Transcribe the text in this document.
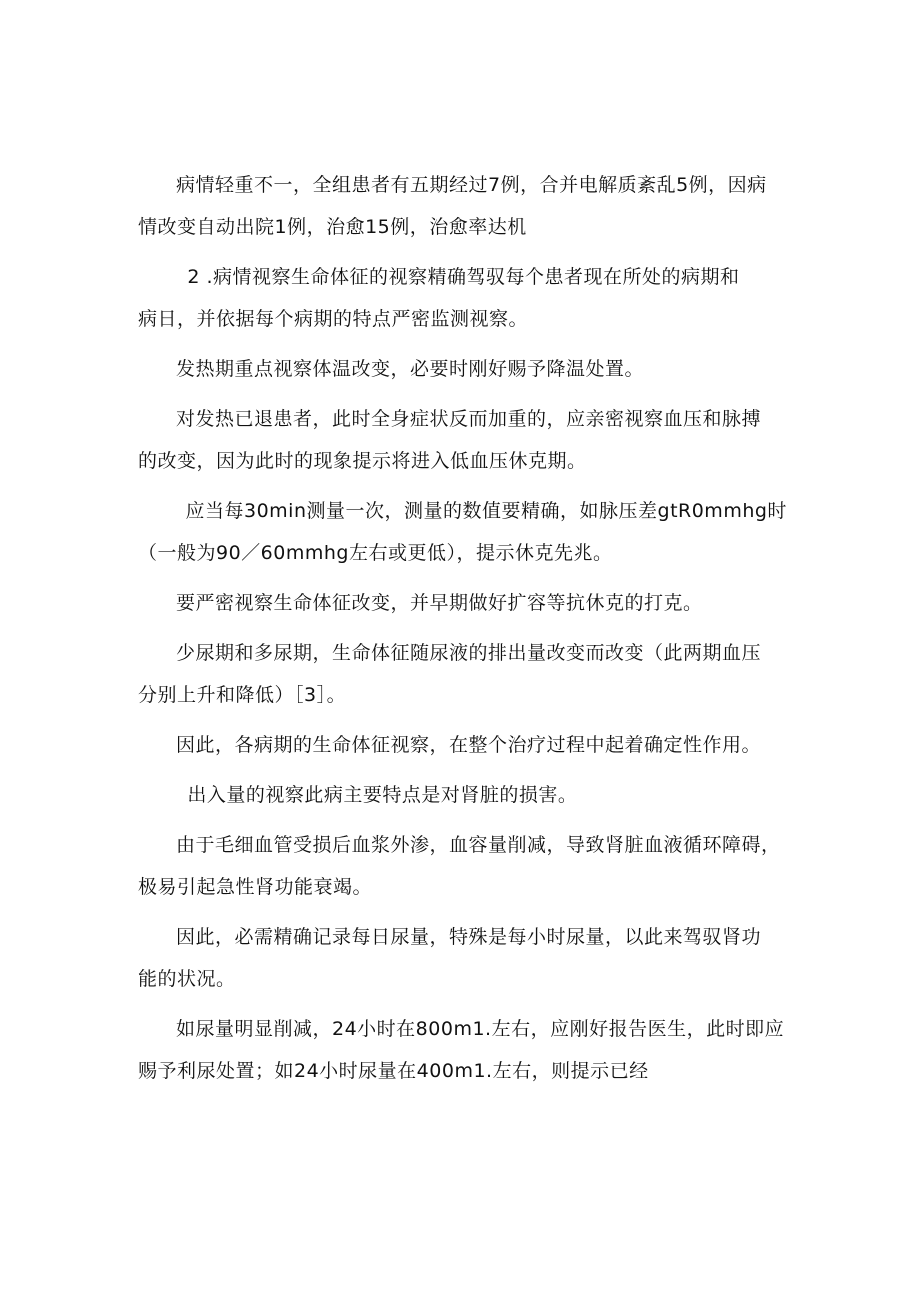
病情轻重不一，全组患者有五期经过7例，合并电解质紊乱5例，因病
情改变自动出院1例，治愈15例，治愈率达机

2 .病情视察生命体征的视察精确驾驭每个患者现在所处的病期和
病日，并依据每个病期的特点严密监测视察。

发热期重点视察体温改变，必要时刚好赐予降温处置。

对发热已退患者，此时全身症状反而加重的，应亲密视察血压和脉搏
的改变，因为此时的现象提示将进入低血压休克期。

应当每30min测量一次，测量的数值要精确，如脉压差gtR0mmhg时
（一般为90／60mmhg左右或更低），提示休克先兆。

要严密视察生命体征改变，并早期做好扩容等抗休克的打克。

少尿期和多尿期，生命体征随尿液的排出量改变而改变（此两期血压
分别上升和降低）［3］。

因此，各病期的生命体征视察，在整个治疗过程中起着确定性作用。

出入量的视察此病主要特点是对肾脏的损害。

由于毛细血管受损后血浆外渗，血容量削减，导致肾脏血液循环障碍，
极易引起急性肾功能衰竭。

因此，必需精确记录每日尿量，特殊是每小时尿量，以此来驾驭肾功
能的状况。

如尿量明显削减，24小时在800m1.左右，应刚好报告医生，此时即应
赐予利尿处置；如24小时尿量在400m1.左右，则提示已经
